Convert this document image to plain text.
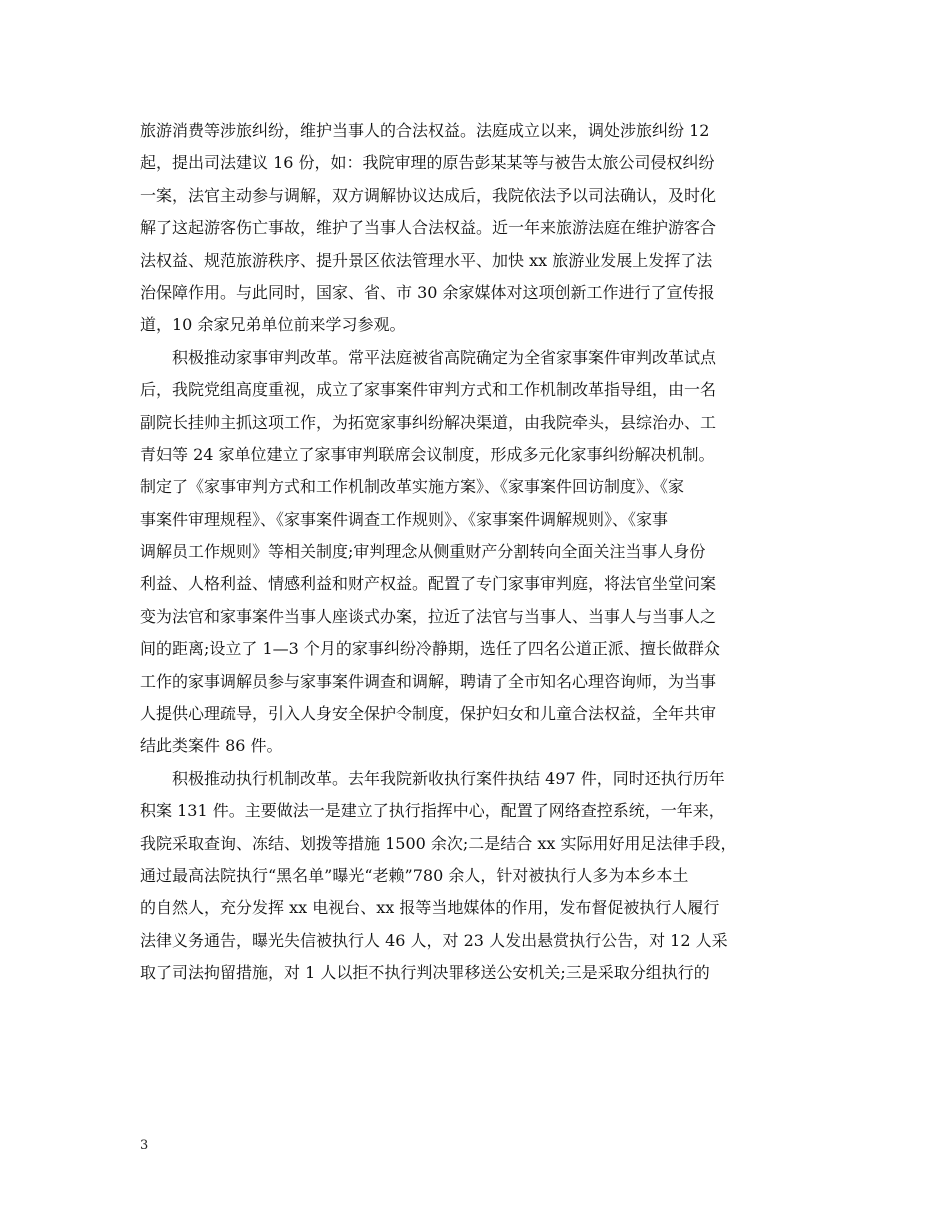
旅游消费等涉旅纠纷，维护当事人的合法权益。法庭成立以来，调处涉旅纠纷 12
起，提出司法建议 16 份，如：我院审理的原告彭某某等与被告太旅公司侵权纠纷
一案，法官主动参与调解，双方调解协议达成后，我院依法予以司法确认，及时化
解了这起游客伤亡事故，维护了当事人合法权益。近一年来旅游法庭在维护游客合
法权益、规范旅游秩序、提升景区依法管理水平、加快 xx 旅游业发展上发挥了法
治保障作用。与此同时，国家、省、市 30 余家媒体对这项创新工作进行了宣传报
道，10 余家兄弟单位前来学习参观。
　　积极推动家事审判改革。常平法庭被省高院确定为全省家事案件审判改革试点
后，我院党组高度重视，成立了家事案件审判方式和工作机制改革指导组，由一名
副院长挂帅主抓这项工作，为拓宽家事纠纷解决渠道，由我院牵头，县综治办、工
青妇等 24 家单位建立了家事审判联席会议制度，形成多元化家事纠纷解决机制。
制定了《家事审判方式和工作机制改革实施方案》、《家事案件回访制度》、《家
事案件审理规程》、《家事案件调查工作规则》、《家事案件调解规则》、《家事
调解员工作规则》等相关制度;审判理念从侧重财产分割转向全面关注当事人身份
利益、人格利益、情感利益和财产权益。配置了专门家事审判庭，将法官坐堂问案
变为法官和家事案件当事人座谈式办案，拉近了法官与当事人、当事人与当事人之
间的距离;设立了 1—3 个月的家事纠纷冷静期，选任了四名公道正派、擅长做群众
工作的家事调解员参与家事案件调查和调解，聘请了全市知名心理咨询师，为当事
人提供心理疏导，引入人身安全保护令制度，保护妇女和儿童合法权益，全年共审
结此类案件 86 件。
　　积极推动执行机制改革。去年我院新收执行案件执结 497 件，同时还执行历年
积案 131 件。主要做法一是建立了执行指挥中心，配置了网络查控系统，一年来，
我院采取查询、冻结、划拨等措施 1500 余次;二是结合 xx 实际用好用足法律手段，
通过最高法院执行“黑名单”曝光“老赖”780 余人，针对被执行人多为本乡本土
的自然人，充分发挥 xx 电视台、xx 报等当地媒体的作用，发布督促被执行人履行
法律义务通告，曝光失信被执行人 46 人，对 23 人发出悬赏执行公告，对 12 人采
取了司法拘留措施，对 1 人以拒不执行判决罪移送公安机关;三是采取分组执行的
3
